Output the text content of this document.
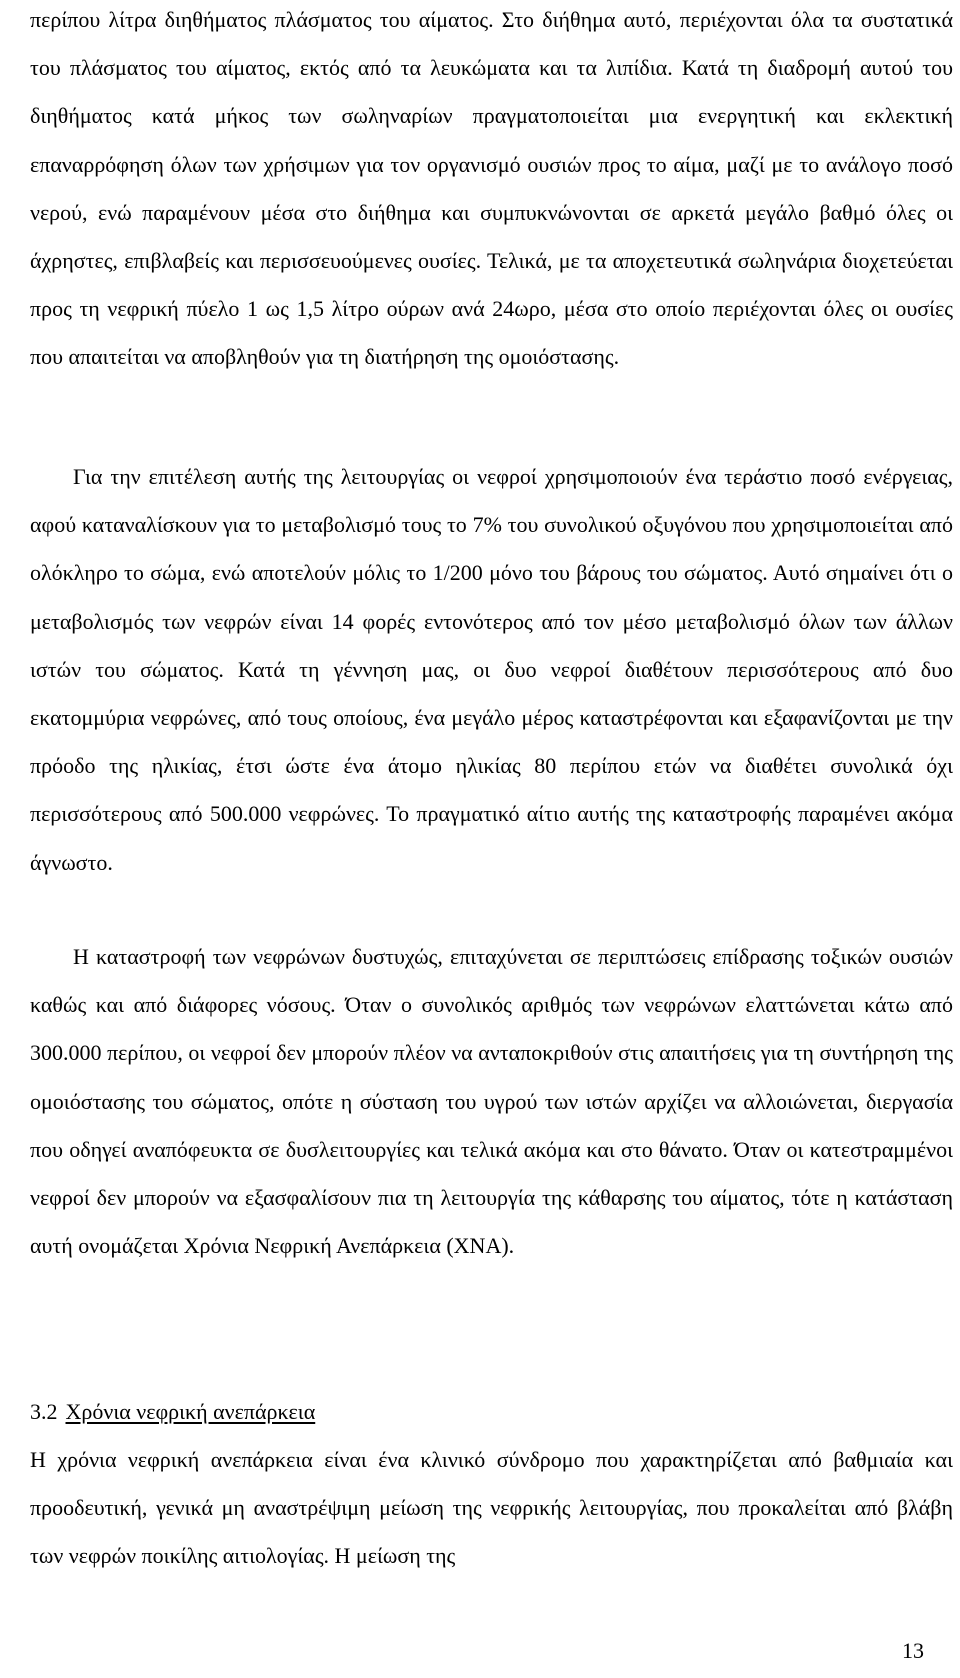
περίπου λίτρα διηθήματος πλάσματος του αίματος. Στο διήθημα αυτό, περιέχονται όλα τα συστατικά του πλάσματος του αίματος, εκτός από τα λευκώματα και τα λιπίδια. Κατά τη διαδρομή αυτού του διηθήματος κατά μήκος των σωληναρίων πραγματοποιείται μια ενεργητική και εκλεκτική επαναρρόφηση όλων των χρήσιμων για τον οργανισμό ουσιών προς το αίμα, μαζί με το ανάλογο ποσό νερού, ενώ παραμένουν μέσα στο διήθημα και συμπυκνώνονται σε αρκετά μεγάλο βαθμό όλες οι άχρηστες, επιβλαβείς και περισσευούμενες ουσίες. Τελικά, με τα αποχετευτικά σωληνάρια διοχετεύεται προς τη νεφρική πύελο 1 ως 1,5 λίτρο ούρων ανά 24ωρο, μέσα στο οποίο περιέχονται όλες οι ουσίες που απαιτείται να αποβληθούν για τη διατήρηση της ομοιόστασης.

Για την επιτέλεση αυτής της λειτουργίας οι νεφροί χρησιμοποιούν ένα τεράστιο ποσό ενέργειας, αφού καταναλίσκουν για το μεταβολισμό τους το 7% του συνολικού οξυγόνου που χρησιμοποιείται από ολόκληρο το σώμα, ενώ αποτελούν μόλις το 1/200 μόνο του βάρους του σώματος. Αυτό σημαίνει ότι ο μεταβολισμός των νεφρών είναι 14 φορές εντονότερος από τον μέσο μεταβολισμό όλων των άλλων ιστών του σώματος. Κατά τη γέννηση μας, οι δυο νεφροί διαθέτουν περισσότερους από δυο εκατομμύρια νεφρώνες, από τους οποίους, ένα μεγάλο μέρος καταστρέφονται και εξαφανίζονται με την πρόοδο της ηλικίας, έτσι ώστε ένα άτομο ηλικίας 80 περίπου ετών να διαθέτει συνολικά όχι περισσότερους από 500.000 νεφρώνες. Το πραγματικό αίτιο αυτής της καταστροφής παραμένει ακόμα άγνωστο.

Η καταστροφή των νεφρώνων δυστυχώς, επιταχύνεται σε περιπτώσεις επίδρασης τοξικών ουσιών καθώς και από διάφορες νόσους. Όταν ο συνολικός αριθμός των νεφρώνων ελαττώνεται κάτω από 300.000 περίπου, οι νεφροί δεν μπορούν πλέον να ανταποκριθούν στις απαιτήσεις για τη συντήρηση της ομοιόστασης του σώματος, οπότε η σύσταση του υγρού των ιστών αρχίζει να αλλοιώνεται, διεργασία που οδηγεί αναπόφευκτα σε δυσλειτουργίες και τελικά ακόμα και στο θάνατο. Όταν οι κατεστραμμένοι νεφροί δεν μπορούν να εξασφαλίσουν πια τη λειτουργία της κάθαρσης του αίματος, τότε η κατάσταση αυτή ονομάζεται Χρόνια Νεφρική Ανεπάρκεια (ΧΝΑ).

3.2 Χρόνια νεφρική ανεπάρκεια

Η χρόνια νεφρική ανεπάρκεια είναι ένα κλινικό σύνδρομο που χαρακτηρίζεται από βαθμιαία και προοδευτική, γενικά μη αναστρέψιμη μείωση της νεφρικής λειτουργίας, που προκαλείται από βλάβη των νεφρών ποικίλης αιτιολογίας. Η μείωση της

13
